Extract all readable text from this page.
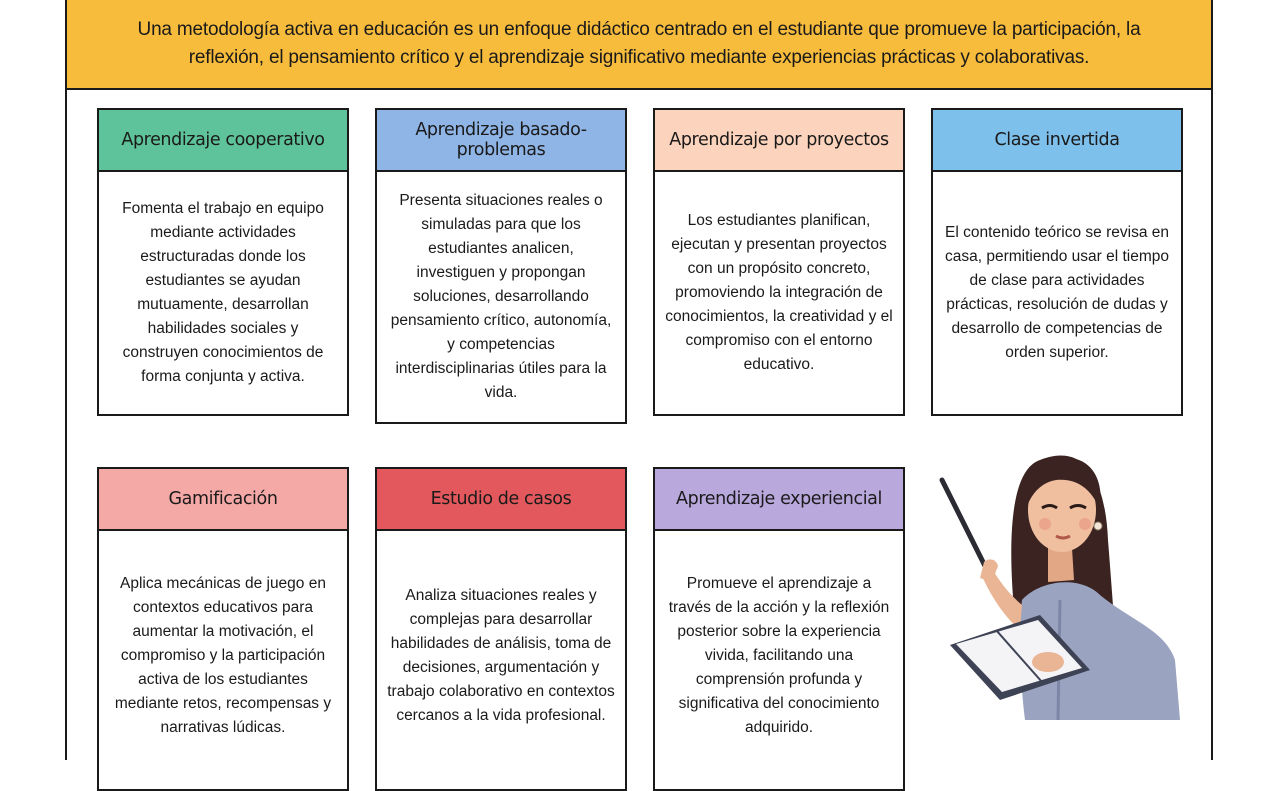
Una metodología activa en educación es un enfoque didáctico centrado en el estudiante que promueve la participación, la reflexión, el pensamiento crítico y el aprendizaje significativo mediante experiencias prácticas y colaborativas.

Aprendizaje cooperativo
Fomenta el trabajo en equipo mediante actividades estructuradas donde los estudiantes se ayudan mutuamente, desarrollan habilidades sociales y construyen conocimientos de forma conjunta y activa.
Aprendizaje basado-problemas
Presenta situaciones reales o simuladas para que los estudiantes analicen, investiguen y propongan soluciones, desarrollando pensamiento crítico, autonomía, y competencias interdisciplinarias útiles para la vida.
Aprendizaje por proyectos
Los estudiantes planifican, ejecutan y presentan proyectos con un propósito concreto, promoviendo la integración de conocimientos, la creatividad y el compromiso con el entorno educativo.
Clase invertida
El contenido teórico se revisa en casa, permitiendo usar el tiempo de clase para actividades prácticas, resolución de dudas y desarrollo de competencias de orden superior.
Gamificación
Aplica mecánicas de juego en contextos educativos para aumentar la motivación, el compromiso y la participación activa de los estudiantes mediante retos, recompensas y narrativas lúdicas.
Estudio de casos
Analiza situaciones reales y complejas para desarrollar habilidades de análisis, toma de decisiones, argumentación y trabajo colaborativo en contextos cercanos a la vida profesional.
Aprendizaje experiencial
Promueve el aprendizaje a través de la acción y la reflexión posterior sobre la experiencia vivida, facilitando una comprensión profunda y significativa del conocimiento adquirido.
